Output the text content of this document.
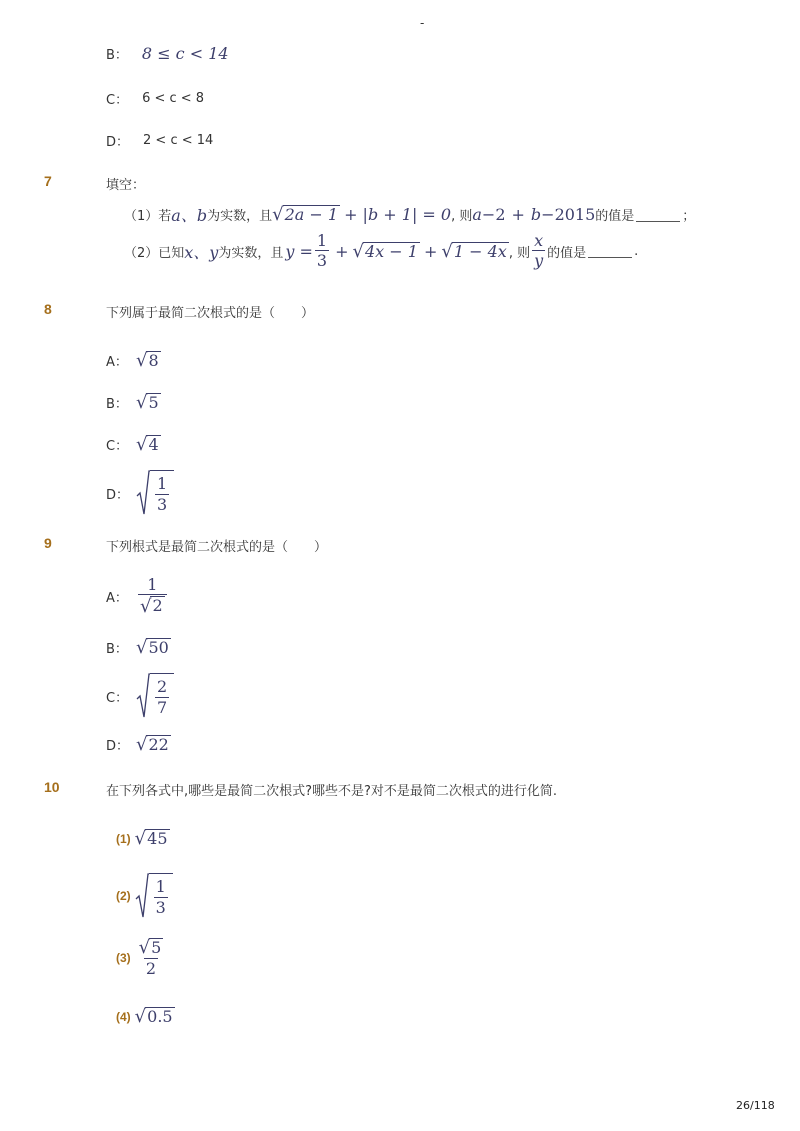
-
B： 8 ≤ c < 14
C： 6 < c < 8
D： 2 < c < 14
7	填空：
（1）若 a、b 为实数，且 √ 2a − 1 + |b + 1| = 0 , 则 a −2 + b −2015 的值是	；
（2）已知 x、y 为实数，且 $y = \frac{1}{3}$ + √ 4x − 1 + √ 1 − 4x , 则 $\frac{x}{y}$ 的值是	.
8	下列属于最简二次根式的是（　　）
A： √ 8
B： √ 5
C： √ 4
D：	$\frac{1}{3}$
9	下列根式是最简二次根式的是（　　）
A： $\frac{1}{√ 2}$
B： √ 50
C：	$\frac{2}{7}$
D： √ 22
10	在下列各式中,哪些是最简二次根式?哪些不是?对不是最简二次根式的进行化简.
(1) √ 45
$(2) \frac{1}{3}$
$(3) \frac{√ 5}{2}$
(4) √ 0.5
26/118
